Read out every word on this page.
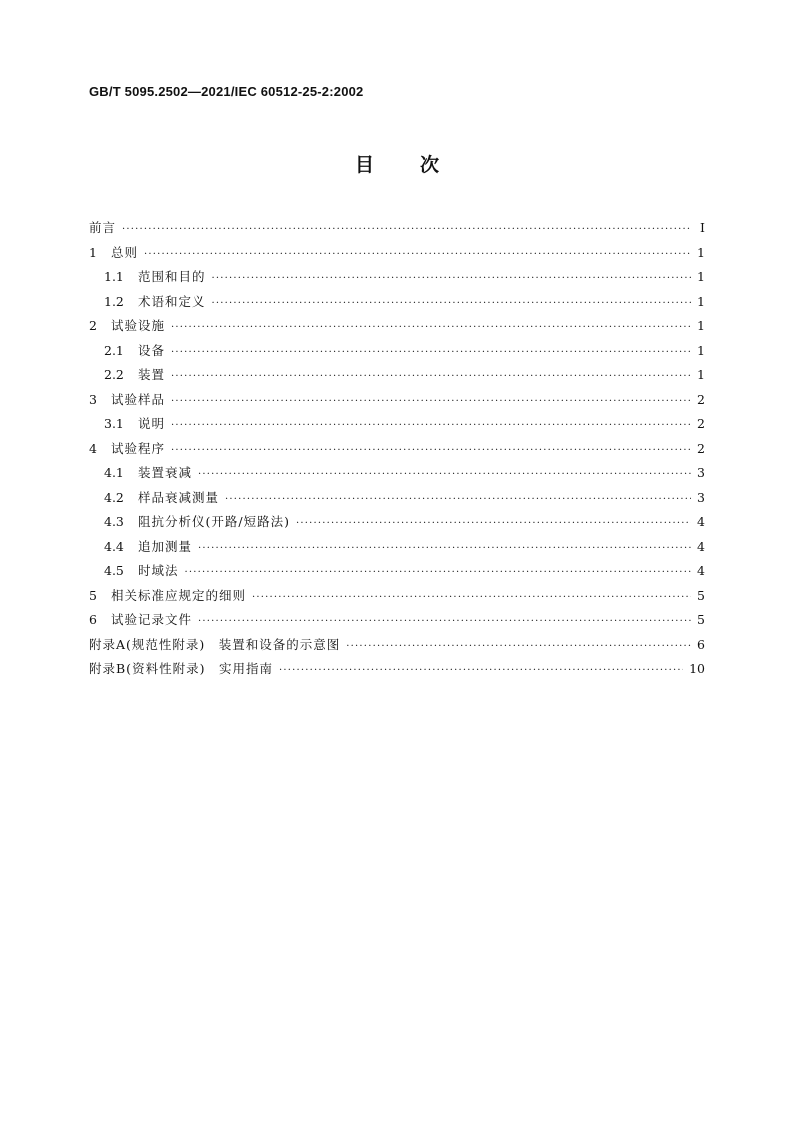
GB/T 5095.2502—2021/IEC 60512-25-2:2002
目 次
前言 ·····	Ⅰ
1	总则 ·····	1
1.1	范围和目的 ·····	1
1.2	术语和定义 ·····	1
2	试验设施 ·····	1
2.1	设备 ·····	1
2.2	装置 ·····	1
3	试验样品 ·····	2
3.1	说明 ·····	2
4	试验程序 ·····	2
4.1	装置衰减 ·····	3
4.2	样品衰减测量 ·····	3
4.3	阻抗分析仪(开路/短路法) ·····	4
4.4	追加测量 ·····	4
4.5	时域法 ·····	4
5	相关标准应规定的细则 ·····	5
6	试验记录文件 ·····	5
附录A(规范性附录)　装置和设备的示意图 ·····	6
附录B(资料性附录)　实用指南 ·····	10
